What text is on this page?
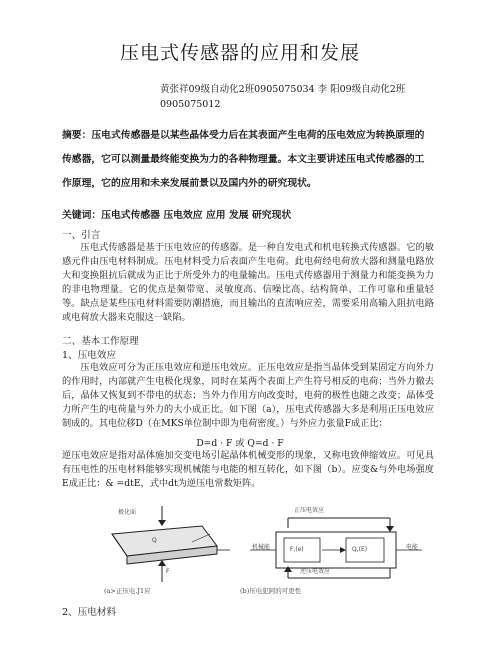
压电式传感器的应用和发展
黄张祥09级自动化2班0905075034 李 阳09级自动化2班
0905075012
摘要：压电式传感器是以某些晶体受力后在其表面产生电荷的压电效应为转换原理的传感器，它可以测量最终能变换为力的各种物理量。本文主要讲述压电式传感器的工作原理，它的应用和未来发展前景以及国内外的研究现状。
关键词：压电式传感器 压电效应 应用 发展 研究现状
一、引言
压电式传感器是基于压电效应的传感器。是一种自发电式和机电转换式传感器。它的敏感元件由压电材料制成。压电材料受力后表面产生电荷。此电荷经电荷放大器和测量电路放大和变换阻抗后就成为正比于所受外力的电量输出。压电式传感器用于测量力和能变换为力的非电物理量。它的优点是频带宽、灵敏度高、信噪比高、结构简单、工作可靠和重量轻等。缺点是某些压电材料需要防潮措施，而且输出的直流响应差，需要采用高输入阻抗电路或电荷放大器来克服这一缺陷。
二、基本工作原理
1、压电效应
压电效应可分为正压电效应和逆压电效应。正压电效应是指当晶体受到某固定方向外力的作用时，内部就产生电极化现象，同时在某两个表面上产生符号相反的电荷；当外力撤去后，晶体又恢复到不带电的状态；当外力作用方向改变时，电荷的极性也随之改变；晶体受力所产生的电荷量与外力的大小成正比。如下图（a），压电式传感器大多是利用正压电效应制成的。其电位移D（在MKS单位制中即为电荷密度。）与外应力张量F成正比：
D=d · F 或 Q=d · F
逆压电效应是指对晶体施加交变电场引起晶体机械变形的现象，又称电致伸缩效应。可见具有压电性的压电材料能够实现机械能与电能的相互转化，如下图（b）。应变&与外电场强度E成正比：& =dtE，式中dt为逆压电常数矩阵。
极化面
Q
F
(a>正压电.J1应
正压电效应
机械能	F,(e)	Q,(E)	电能
逆压电效应
(b)压电犯阿的可更性
2、压电材料
